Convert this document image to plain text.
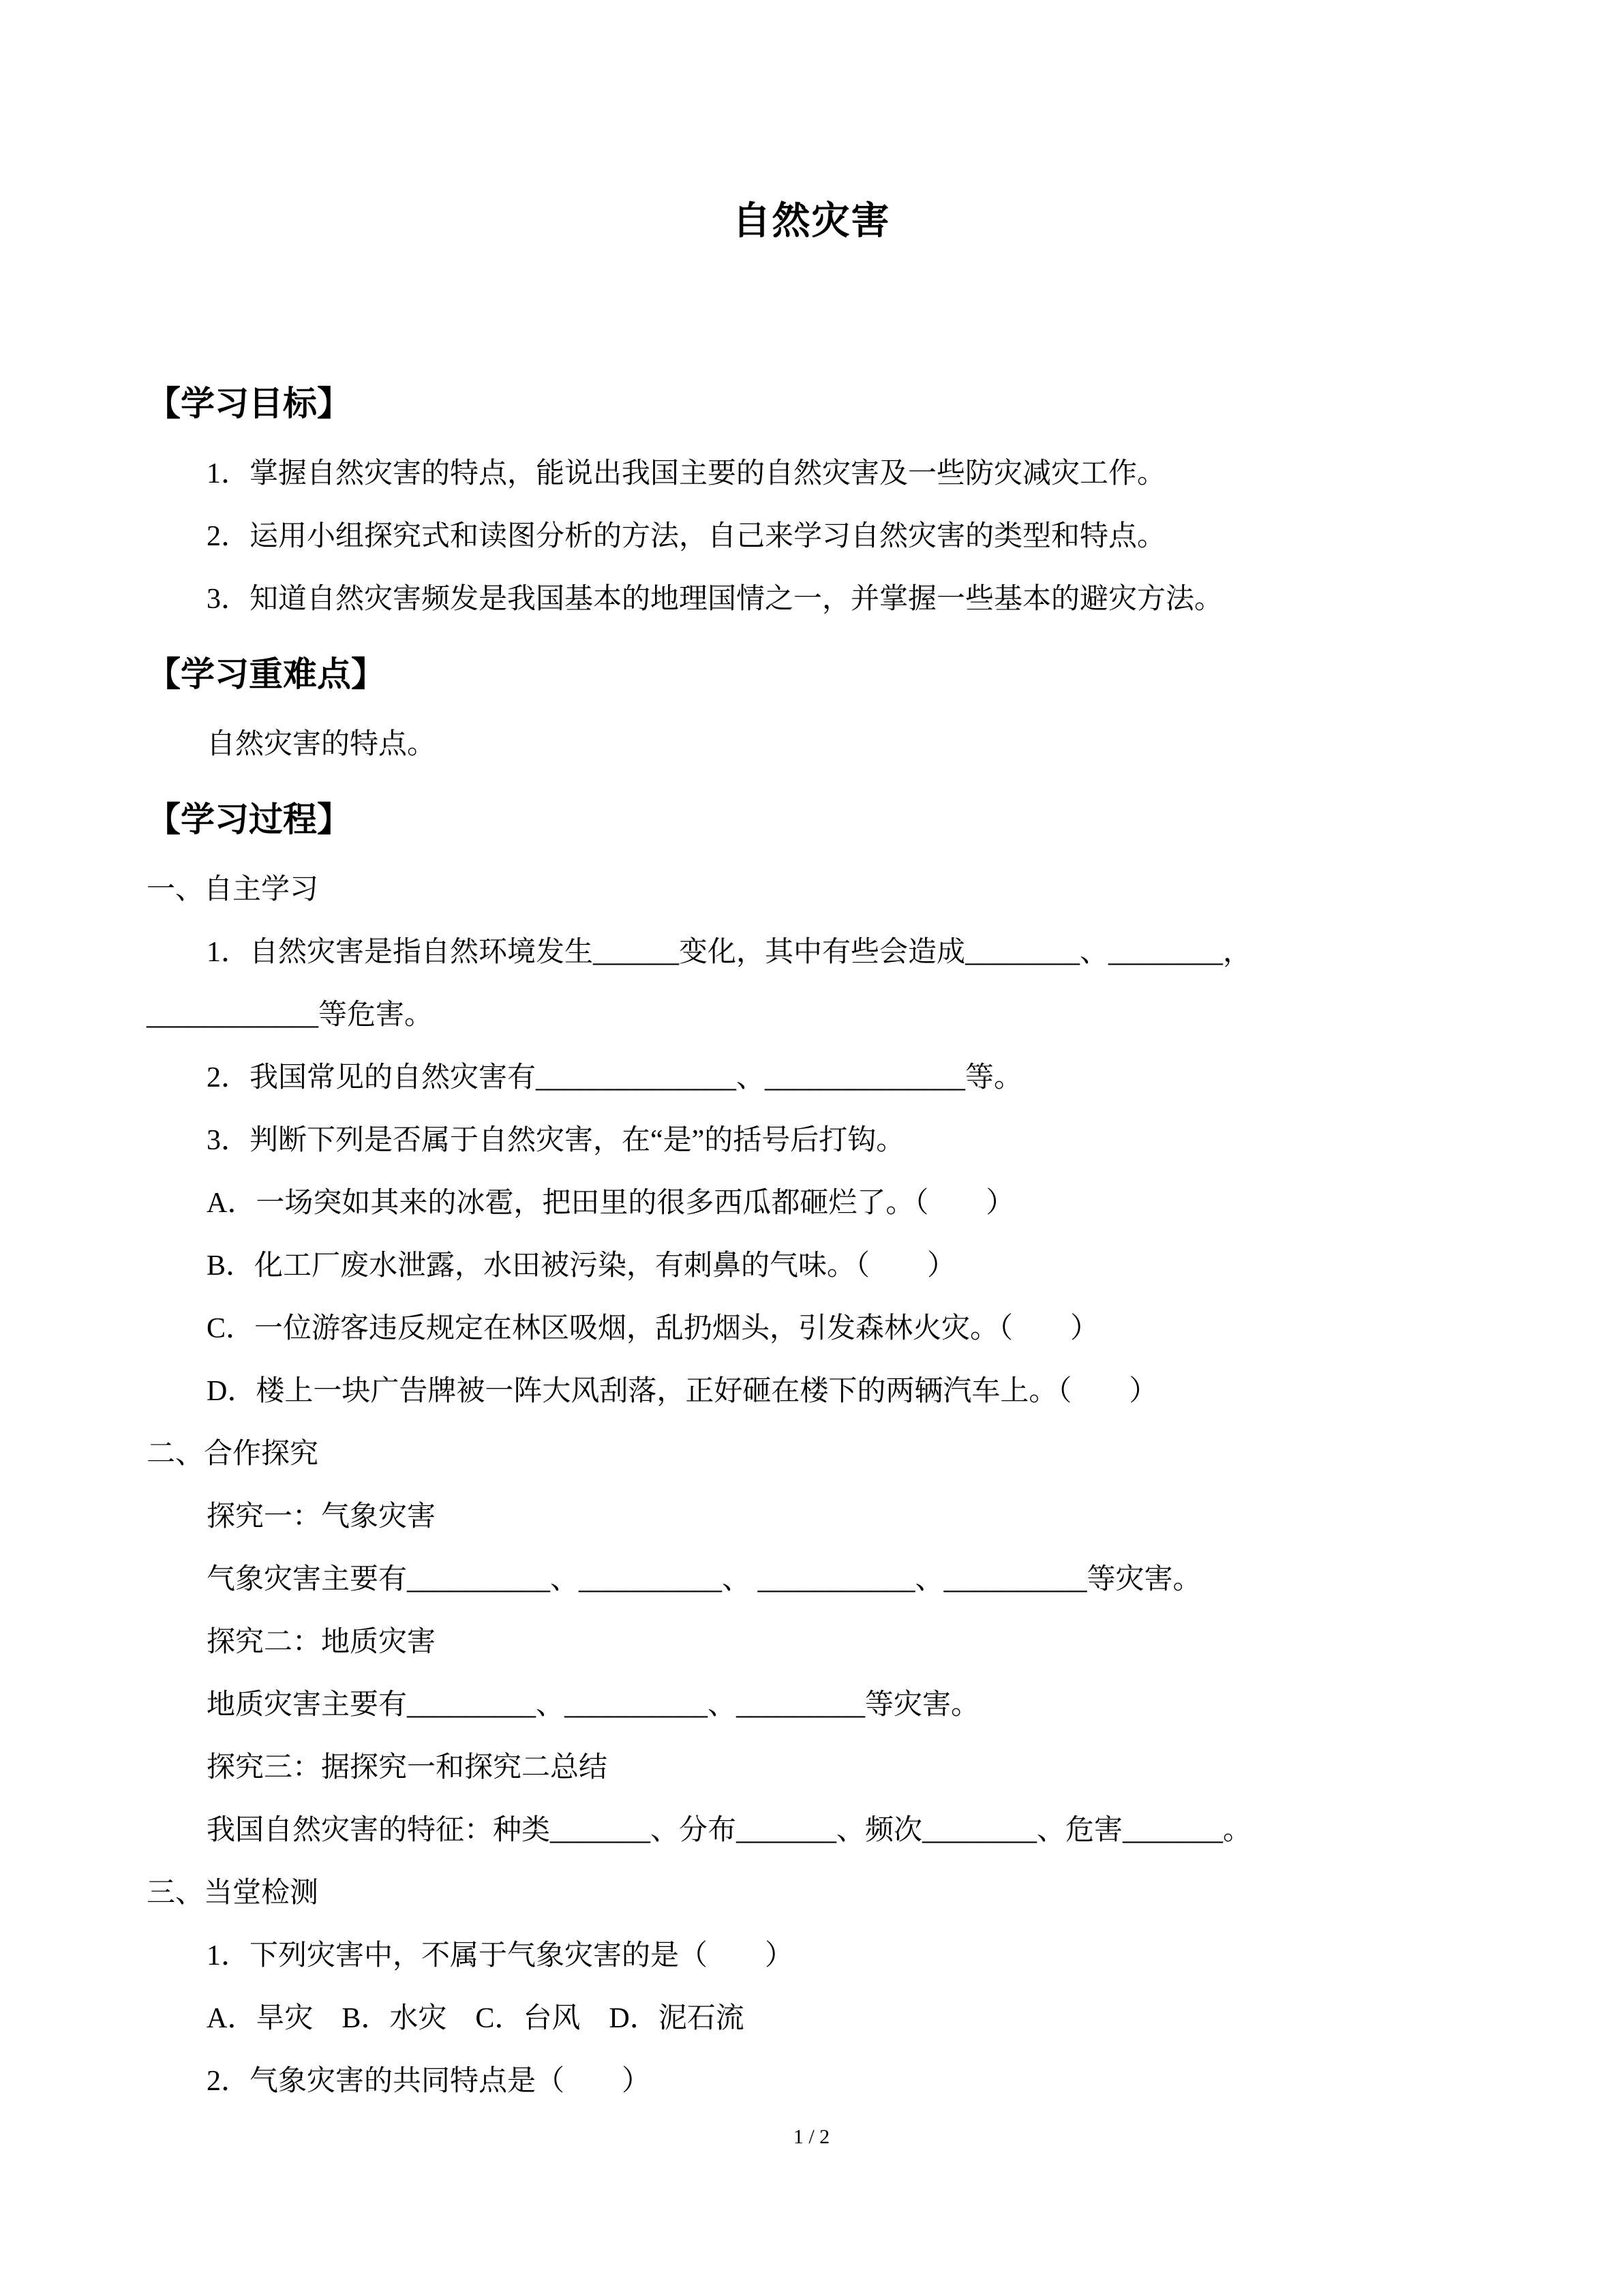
自然灾害
【学习目标】

1．掌握自然灾害的特点，能说出我国主要的自然灾害及一些防灾减灾工作。

2．运用小组探究式和读图分析的方法，自己来学习自然灾害的类型和特点。

3．知道自然灾害频发是我国基本的地理国情之一，并掌握一些基本的避灾方法。

【学习重难点】

自然灾害的特点。

【学习过程】

一、自主学习

1．自然灾害是指自然环境发生______变化，其中有些会造成________、________，

____________等危害。

2．我国常见的自然灾害有______________、______________等。

3．判断下列是否属于自然灾害，在“是”的括号后打钩。

A．一场突如其来的冰雹，把田里的很多西瓜都砸烂了。（　　）

B．化工厂废水泄露，水田被污染，有刺鼻的气味。（　　）

C．一位游客违反规定在林区吸烟，乱扔烟头，引发森林火灾。（　　）

D．楼上一块广告牌被一阵大风刮落，正好砸在楼下的两辆汽车上。（　　）

二、合作探究

探究一：气象灾害

气象灾害主要有__________、__________、 ___________、__________等灾害。

探究二：地质灾害

地质灾害主要有_________、__________、_________等灾害。

探究三：据探究一和探究二总结

我国自然灾害的特征：种类_______、分布_______、频次________、危害_______。

三、当堂检测

1．下列灾害中，不属于气象灾害的是（　　）

A．旱灾　B．水灾　C．台风　D．泥石流

2．气象灾害的共同特点是（　　）

1 / 2
